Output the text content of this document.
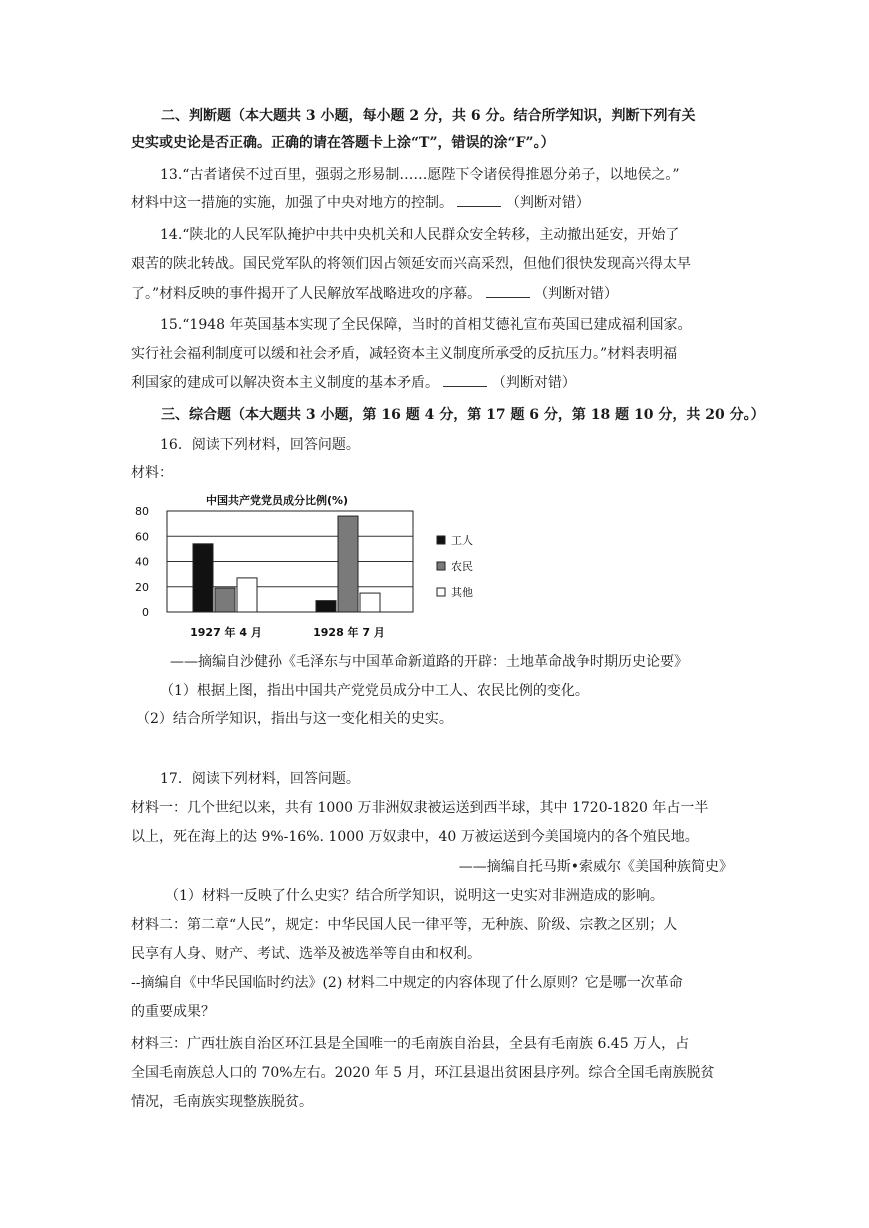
二、判断题（本大题共 3 小题，每小题 2 分，共 6 分。结合所学知识，判断下列有关
史实或史论是否正确。正确的请在答题卡上涂“T”，错误的涂“F”。）
13.“古者诸侯不过百里，强弱之形易制……愿陛下令诸侯得推恩分弟子，以地侯之。”
材料中这一措施的实施，加强了中央对地方的控制。	（判断对错）
14.“陕北的人民军队掩护中共中央机关和人民群众安全转移，主动撤出延安，开始了
艰苦的陕北转战。国民党军队的将领们因占领延安而兴高采烈，但他们很快发现高兴得太早
了。”材料反映的事件揭开了人民解放军战略进攻的序幕。	（判断对错）
15.“1948 年英国基本实现了全民保障，当时的首相艾德礼宣布英国已建成福利国家。
实行社会福利制度可以缓和社会矛盾，减轻资本主义制度所承受的反抗压力。”材料表明福
利国家的建成可以解决资本主义制度的基本矛盾。	（判断对错）
三、综合题（本大题共 3 小题，第 16 题 4 分，第 17 题 6 分，第 18 题 10 分，共 20 分。）
16．阅读下列材料，回答问题。
材料：
中国共产党党员成分比例(%)
0
20
40
60
80
1927 年 4 月	1928 年 7 月
工人
农民
其他
——摘编自沙健孙《毛泽东与中国革命新道路的开辟：土地革命战争时期历史论要》
（1）根据上图，指出中国共产党党员成分中工人、农民比例的变化。
（2）结合所学知识，指出与这一变化相关的史实。
17．阅读下列材料，回答问题。
材料一：几个世纪以来，共有 1000 万非洲奴隶被运送到西半球，其中 1720-1820 年占一半
以上，死在海上的达 9%-16%. 1000 万奴隶中，40 万被运送到今美国境内的各个殖民地。
——摘编自托马斯•索威尔《美国种族简史》
（1）材料一反映了什么史实？结合所学知识，说明这一史实对非洲造成的影响。
材料二：第二章“人民”，规定：中华民国人民一律平等，无种族、阶级、宗教之区别；人
民享有人身、财产、考试、选举及被选举等自由和权利。
--摘编自《中华民国临时约法》(2) 材料二中规定的内容体现了什么原则？它是哪一次革命
的重要成果？
材料三：广西壮族自治区环江县是全国唯一的毛南族自治县，全县有毛南族 6.45 万人，占
全国毛南族总人口的 70%左右。2020 年 5 月，环江县退出贫困县序列。综合全国毛南族脱贫
情况，毛南族实现整族脱贫。
